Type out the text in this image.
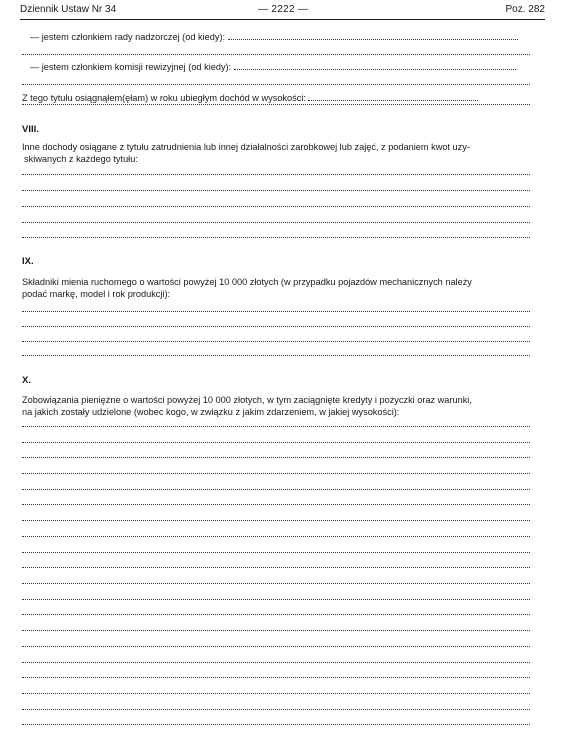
Dziennik Ustaw Nr 34	— 2222 —	Poz. 282
— jestem członkiem rady nadzorczej (od kiedy):
— jestem członkiem komisji rewizyjnej (od kiedy):
Z tego tytułu osiągnąłem(ęłam) w roku ubiegłym dochód w wysokości:
VIII.
Inne dochody osiągane z tytułu zatrudnienia lub innej działalności zarobkowej lub zajęć, z podaniem kwot uzy-
skiwanych z każdego tytułu:
IX.
Składniki mienia ruchomego o wartości powyżej 10 000 złotych (w przypadku pojazdów mechanicznych należy
podać markę, model i rok produkcji):
X.
Zobowiązania pieniężne o wartości powyżej 10 000 złotych, w tym zaciągnięte kredyty i pożyczki oraz warunki,
na jakich zostały udzielone (wobec kogo, w związku z jakim zdarzeniem, w jakiej wysokości):
